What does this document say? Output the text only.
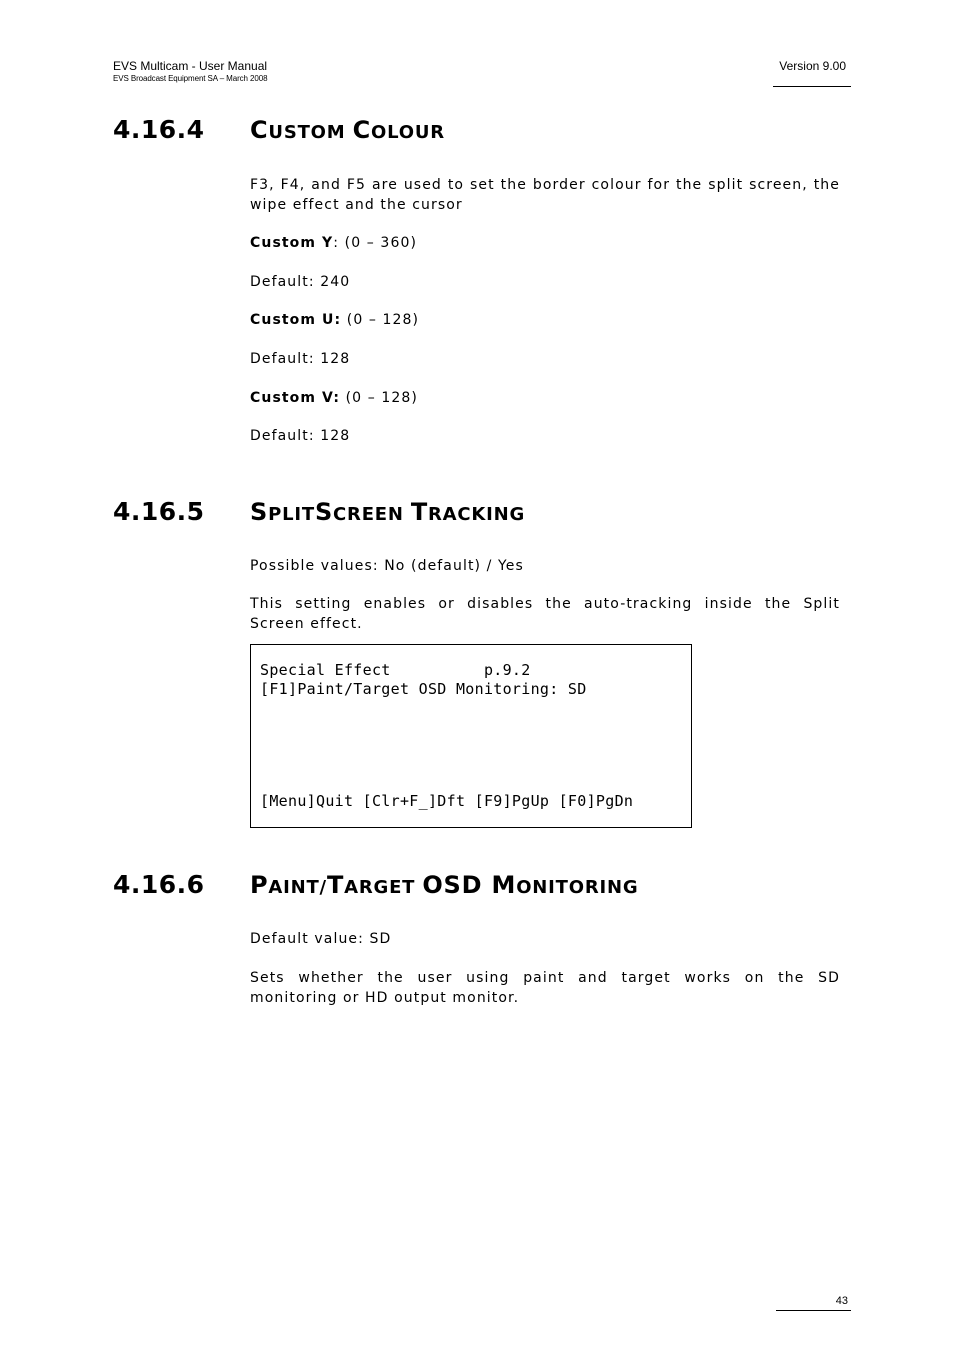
EVS Multicam - User Manual
EVS Broadcast Equipment SA – March 2008
Version 9.00
4.16.4 CUSTOM COLOUR
F3, F4, and F5 are used to set the border colour for the split screen, the wipe effect and the cursor
Custom Y: (0 – 360)
Default: 240
Custom U: (0 – 128)
Default: 128
Custom V: (0 – 128)
Default: 128
4.16.5 SPLITSCREEN TRACKING
Possible values: No (default) / Yes
This setting enables or disables the auto-tracking inside the Split Screen effect.
Special Effect          p.9.2
[F1]Paint/Target OSD Monitoring: SD
[Menu]Quit [Clr+F_]Dft [F9]PgUp [F0]PgDn
4.16.6 PAINT/TARGET OSD MONITORING
Default value: SD
Sets whether the user using paint and target works on the SD monitoring or HD output monitor.
43
